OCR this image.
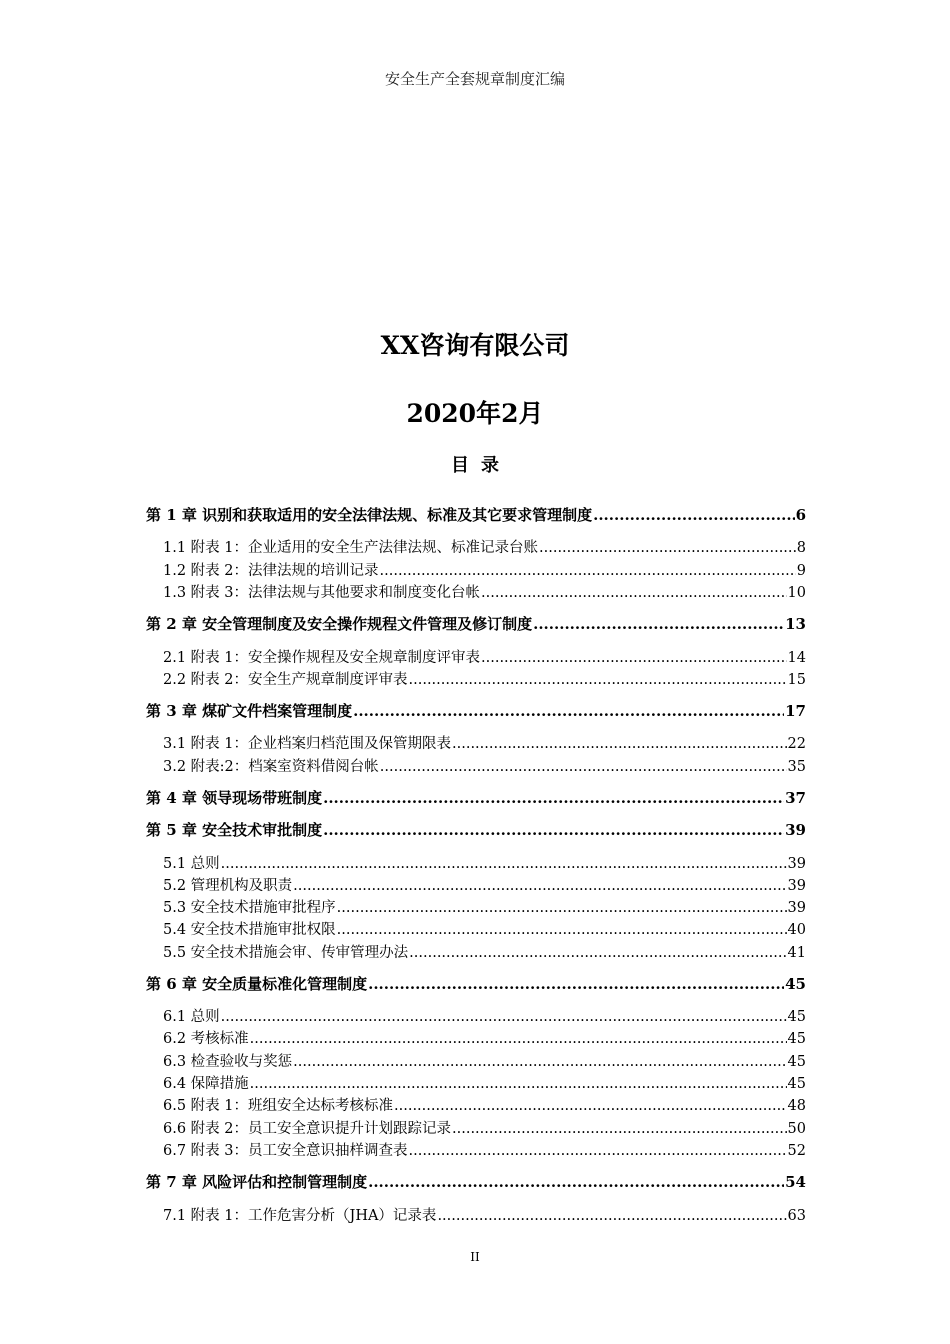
安全生产全套规章制度汇编
XX咨询有限公司
2020年2月
目录
第 1 章 识别和获取适用的安全法律法规、标准及其它要求管理制度 .....	6
1.1 附表 1：企业适用的安全生产法律法规、标准记录台账 .....	8
1.2 附表 2：法律法规的培训记录 .....	9
1.3 附表 3：法律法规与其他要求和制度变化台帐 .....	10
第 2 章 安全管理制度及安全操作规程文件管理及修订制度 .....	13
2.1 附表 1：安全操作规程及安全规章制度评审表 .....	14
2.2 附表 2：安全生产规章制度评审表 .....	15
第 3 章 煤矿文件档案管理制度 .....	17
3.1 附表 1：企业档案归档范围及保管期限表 .....	22
3.2 附表:2：档案室资料借阅台帐 .....	35
第 4 章 领导现场带班制度 .....	37
第 5 章 安全技术审批制度 .....	39
5.1 总则 .....	39
5.2 管理机构及职责 .....	39
5.3 安全技术措施审批程序 .....	39
5.4 安全技术措施审批权限 .....	40
5.5 安全技术措施会审、传审管理办法 .....	41
第 6 章 安全质量标准化管理制度 .....	45
6.1 总则 .....	45
6.2 考核标准 .....	45
6.3 检查验收与奖惩 .....	45
6.4 保障措施 .....	45
6.5 附表 1：班组安全达标考核标准 .....	48
6.6 附表 2：员工安全意识提升计划跟踪记录 .....	50
6.7 附表 3：员工安全意识抽样调查表 .....	52
第 7 章 风险评估和控制管理制度 .....	54
7.1 附表 1：工作危害分析（JHA）记录表 .....	63
II
